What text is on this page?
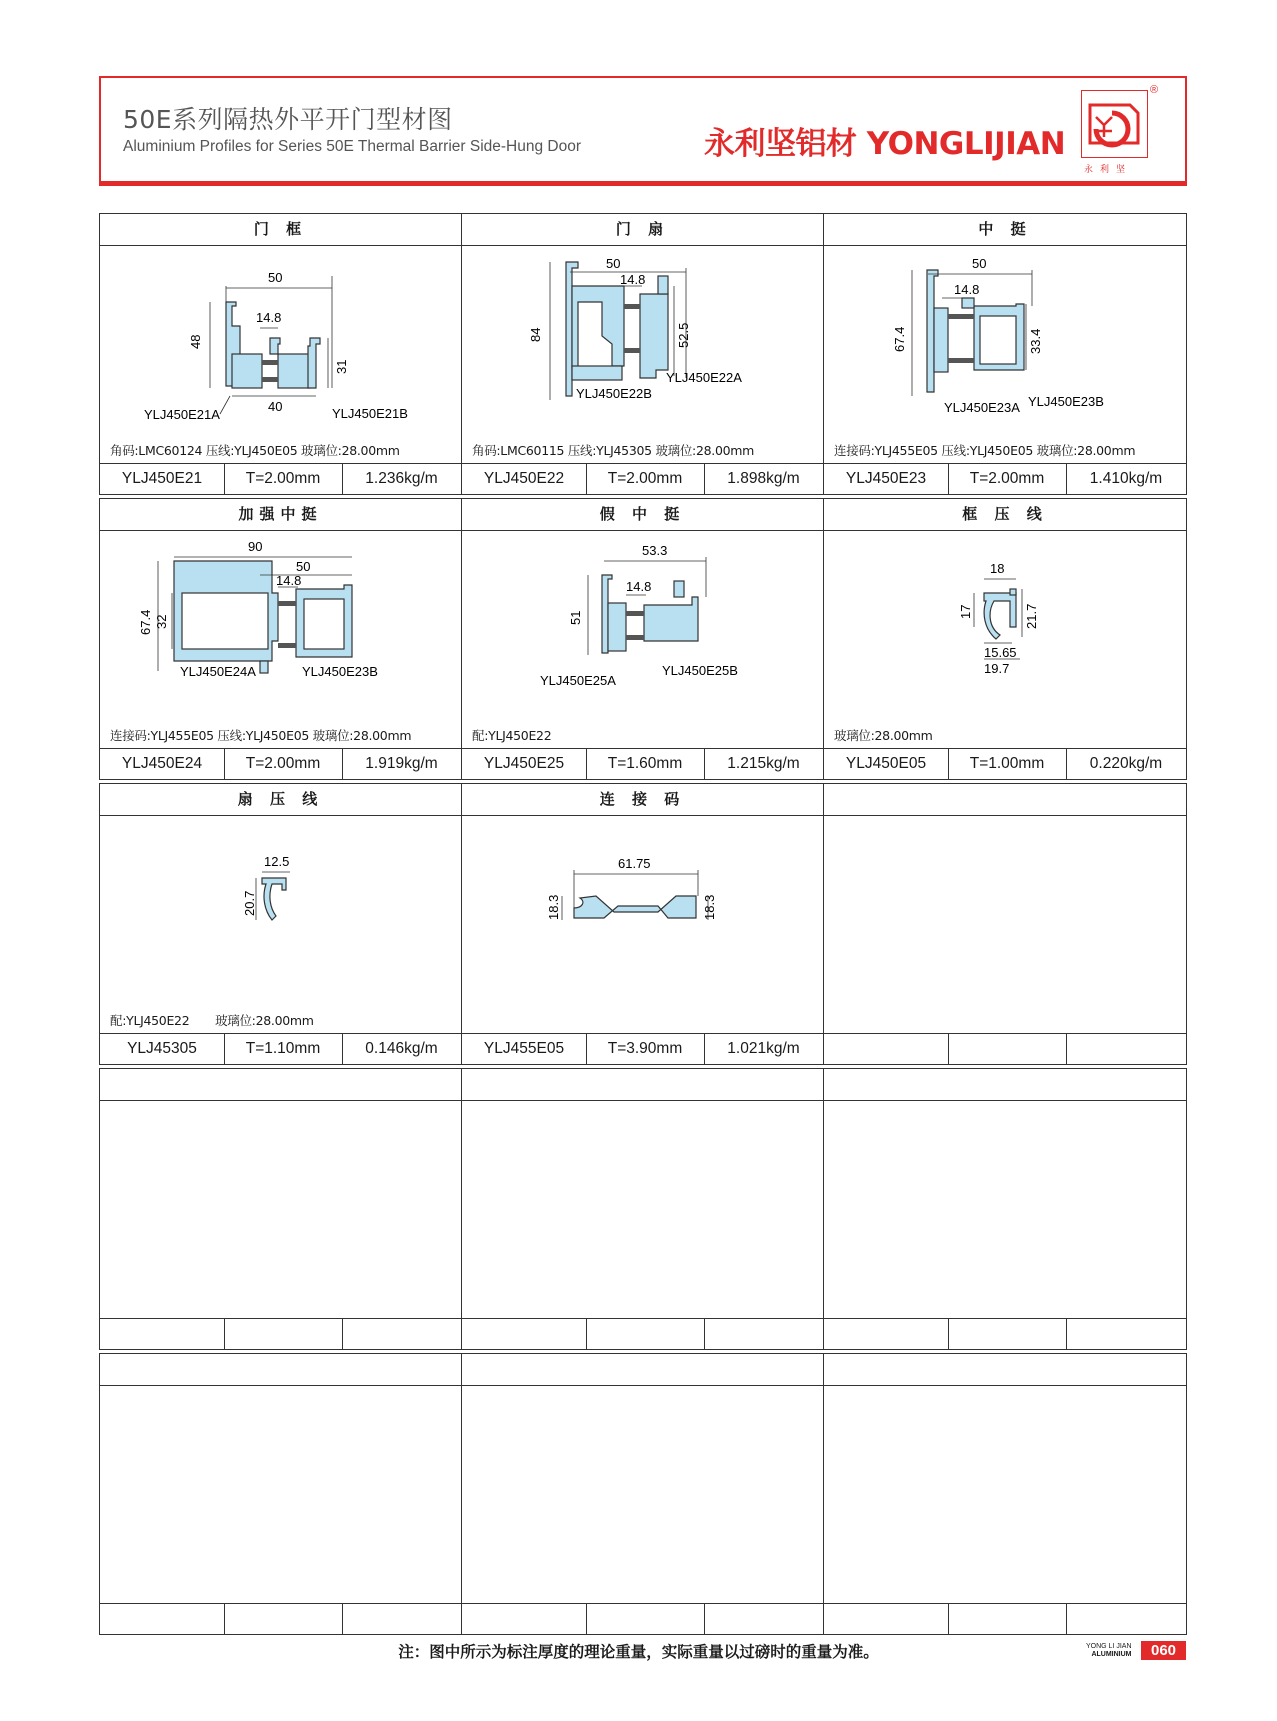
50E系列隔热外平开门型材图
Aluminium Profiles for Series 50E Thermal Barrier Side-Hung Door	永利坚铝材 YONGLIJIAN
永利坚
®
门 框	门 扇	中 挺
50
14.8
48
31
40
YLJ450E21A	YLJ450E21B
50
14.8
84	52.5
YLJ450E22A
YLJ450E22B
50
14.8
67.4	33.4
YLJ450E23A YLJ450E23B
角码:LMC60124 压线:YLJ450E05 玻璃位:28.00mm	角码:LMC60115 压线:YLJ45305 玻璃位:28.00mm	连接码:YLJ455E05 压线:YLJ450E05 玻璃位:28.00mm
YLJ450E21	T=2.00mm	1.236kg/m	YLJ450E22	T=2.00mm	1.898kg/m	YLJ450E23	T=2.00mm	1.410kg/m
加强中挺	假 中 挺	框 压 线
90
50
14.8
67.4 32
YLJ450E24A	YLJ450E23B
53.3
14.8
51
YLJ450E25A
YLJ450E25B
18
17	21.7
15.65
19.7
连接码:YLJ455E05 压线:YLJ450E05 玻璃位:28.00mm	配:YLJ450E22	玻璃位:28.00mm
YLJ450E24	T=2.00mm	1.919kg/m	YLJ450E25	T=1.60mm	1.215kg/m	YLJ450E05	T=1.00mm	0.220kg/m
扇 压 线	连 接 码
12.5
20.7
61.75
18.3	18.3
配:YLJ450E22       玻璃位:28.00mm
YLJ45305	T=1.10mm	0.146kg/m	YLJ455E05	T=3.90mm	1.021kg/m
注：图中所示为标注厚度的理论重量，实际重量以过磅时的重量为准。	YONG LI JIAN
ALUMINIUM	060
